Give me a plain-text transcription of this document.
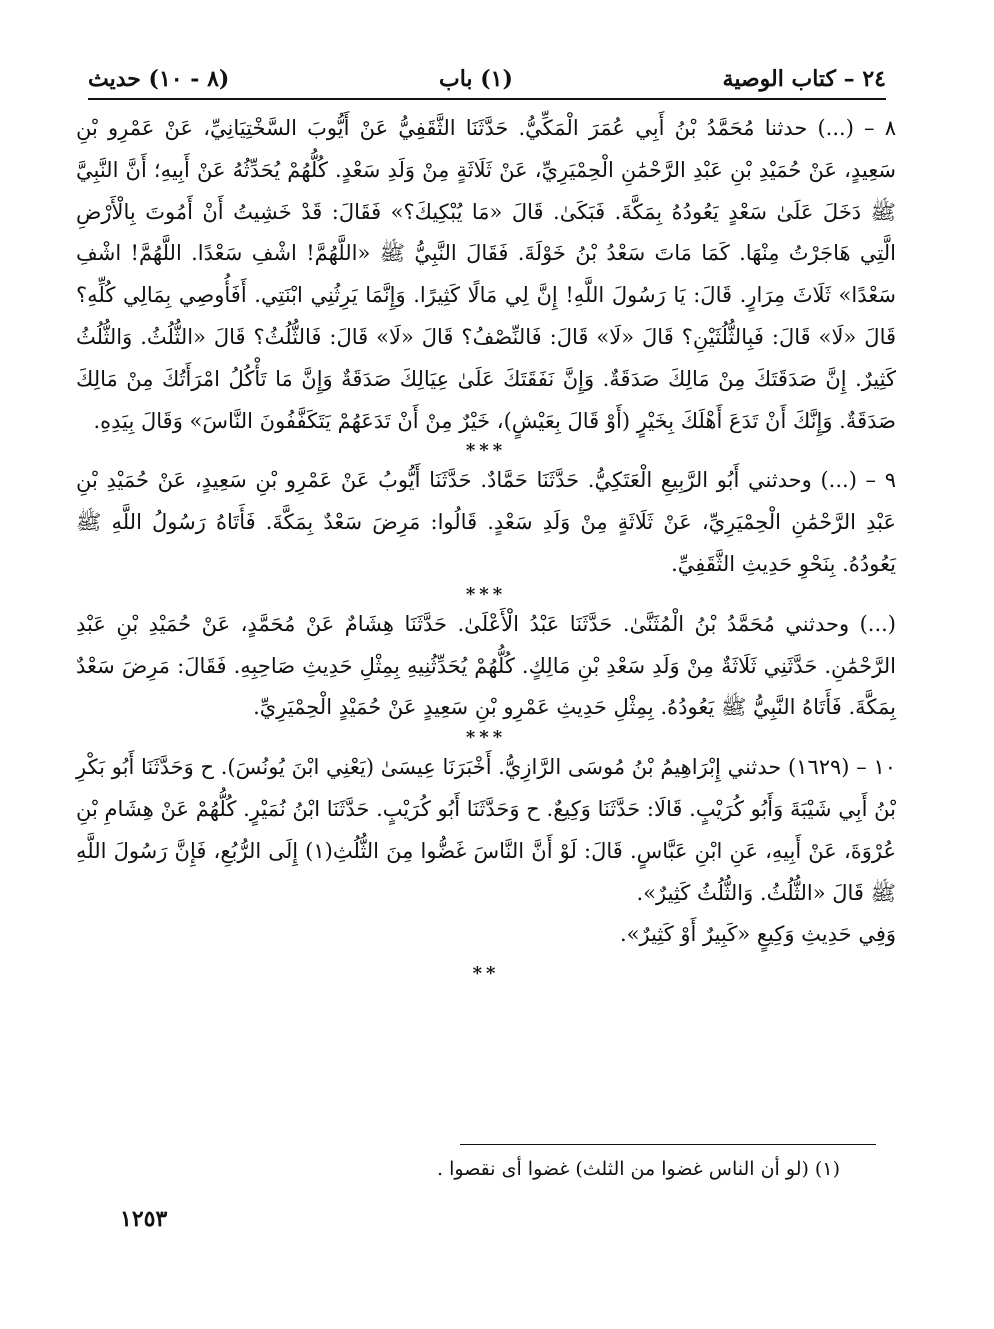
٢٤ – كتاب الوصية
(١) باب
(٨ - ١٠) حديث

٨ – (...) حدثنا مُحَمَّدُ بْنُ أَبِي عُمَرَ الْمَكِّيُّ. حَدَّثَنَا الثَّقَفِيُّ عَنْ أَيُّوبَ السَّخْتِيَانِيِّ، عَنْ عَمْرِو بْنِ سَعِيدٍ، عَنْ حُمَيْدِ بْنِ عَبْدِ الرَّحْمَٰنِ الْحِمْيَرِيِّ، عَنْ ثَلَاثَةٍ مِنْ وَلَدِ سَعْدٍ. كُلُّهُمْ يُحَدِّثُهُ عَنْ أَبِيهِ؛ أَنَّ النَّبِيَّ ﷺ دَخَلَ عَلَىٰ سَعْدٍ يَعُودُهُ بِمَكَّةَ. فَبَكَىٰ. قَالَ «مَا يُبْكِيكَ؟» فَقَالَ: قَدْ خَشِيتُ أَنْ أَمُوتَ بِالْأَرْضِ الَّتِي هَاجَرْتُ مِنْهَا. كَمَا مَاتَ سَعْدُ بْنُ خَوْلَةَ. فَقَالَ النَّبِيُّ ﷺ «اللَّهُمَّ! اشْفِ سَعْدًا. اللَّهُمَّ! اشْفِ سَعْدًا» ثَلَاثَ مِرَارٍ. قَالَ: يَا رَسُولَ اللَّهِ! إِنَّ لِي مَالًا كَثِيرًا. وَإِنَّمَا يَرِثُنِي ابْنَتِي. أَفَأُوصِي بِمَالِي كُلِّهِ؟ قَالَ «لَا» قَالَ: فَبِالثُّلُثَيْنِ؟ قَالَ «لَا» قَالَ: فَالنِّصْفُ؟ قَالَ «لَا» قَالَ: فَالثُّلُثُ؟ قَالَ «الثُّلُثُ. وَالثُّلُثُ كَثِيرٌ. إِنَّ صَدَقَتَكَ مِنْ مَالِكَ صَدَقَةٌ. وَإِنَّ نَفَقَتَكَ عَلَىٰ عِيَالِكَ صَدَقَةٌ وَإِنَّ مَا تَأْكُلُ امْرَأَتُكَ مِنْ مَالِكَ صَدَقَةٌ. وَإِنَّكَ أَنْ تَدَعَ أَهْلَكَ بِخَيْرٍ (أَوْ قَالَ بِعَيْشٍ)، خَيْرٌ مِنْ أَنْ تَدَعَهُمْ يَتَكَفَّفُونَ النَّاسَ» وَقَالَ بِيَدِهِ.

***

٩ – (...) وحدثني أَبُو الرَّبِيعِ الْعَتَكِيُّ. حَدَّثَنَا حَمَّادٌ. حَدَّثَنَا أَيُّوبُ عَنْ عَمْرِو بْنِ سَعِيدٍ، عَنْ حُمَيْدِ بْنِ عَبْدِ الرَّحْمَٰنِ الْحِمْيَرِيِّ، عَنْ ثَلَاثَةٍ مِنْ وَلَدِ سَعْدٍ. قَالُوا: مَرِضَ سَعْدٌ بِمَكَّةَ. فَأَتَاهُ رَسُولُ اللَّهِ ﷺ يَعُودُهُ. بِنَحْوِ حَدِيثِ الثَّقَفِيِّ.

***

(...) وحدثني مُحَمَّدُ بْنُ الْمُثَنَّىٰ. حَدَّثَنَا عَبْدُ الْأَعْلَىٰ. حَدَّثَنَا هِشَامٌ عَنْ مُحَمَّدٍ، عَنْ حُمَيْدِ بْنِ عَبْدِ الرَّحْمَٰنِ. حَدَّثَنِي ثَلَاثَةٌ مِنْ وَلَدِ سَعْدِ بْنِ مَالِكٍ. كُلُّهُمْ يُحَدِّثُنِيهِ بِمِثْلِ حَدِيثِ صَاحِبِهِ. فَقَالَ: مَرِضَ سَعْدٌ بِمَكَّةَ. فَأَتَاهُ النَّبِيُّ ﷺ يَعُودُهُ. بِمِثْلِ حَدِيثِ عَمْرِو بْنِ سَعِيدٍ عَنْ حُمَيْدٍ الْحِمْيَرِيِّ.

***

١٠ – (١٦٢٩) حدثني إِبْرَاهِيمُ بْنُ مُوسَى الرَّازِيُّ. أَخْبَرَنَا عِيسَىٰ (يَعْنِي ابْنَ يُونُسَ). ح وَحَدَّثَنَا أَبُو بَكْرِ بْنُ أَبِي شَيْبَةَ وَأَبُو كُرَيْبٍ. قَالَا: حَدَّثَنَا وَكِيعٌ. ح وَحَدَّثَنَا أَبُو كُرَيْبٍ. حَدَّثَنَا ابْنُ نُمَيْرٍ. كُلُّهُمْ عَنْ هِشَامِ بْنِ عُرْوَةَ، عَنْ أَبِيهِ، عَنِ ابْنِ عَبَّاسٍ. قَالَ: لَوْ أَنَّ النَّاسَ غَضُّوا مِنَ الثُّلُثِ(١) إِلَى الرُّبُعِ، فَإِنَّ رَسُولَ اللَّهِ ﷺ قَالَ «الثُّلُثُ. وَالثُّلُثُ كَثِيرٌ».

وَفِي حَدِيثِ وَكِيعٍ «كَبِيرٌ أَوْ كَثِيرٌ».

**
(١) (لو أن الناس غضوا من الثلث) غضوا أى نقصوا .
١٢٥٣
